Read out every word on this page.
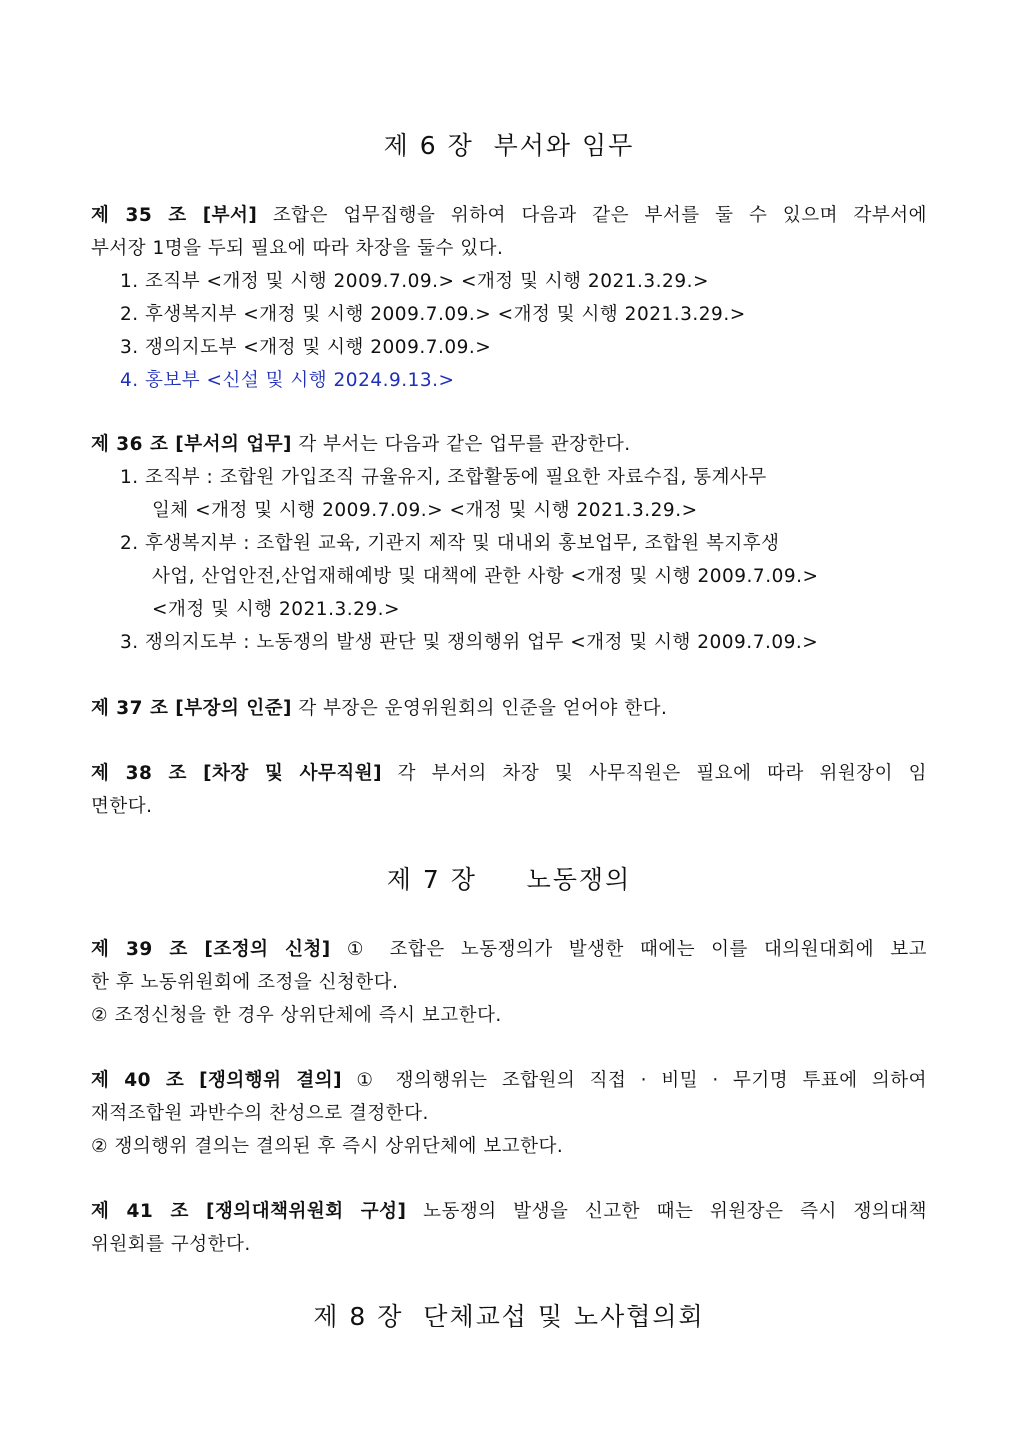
제 6 장  부서와 임무
제 35 조 [부서] 조합은 업무집행을 위하여 다음과 같은 부서를 둘 수 있으며 각부서에
부서장 1명을 두되 필요에 따라 차장을 둘수 있다.
1. 조직부 <개정 및 시행 2009.7.09.> <개정 및 시행 2021.3.29.>
2. 후생복지부 <개정 및 시행 2009.7.09.> <개정 및 시행 2021.3.29.>
3. 쟁의지도부 <개정 및 시행 2009.7.09.>
4. 홍보부 <신설 및 시행 2024.9.13.>
제 36 조 [부서의 업무] 각 부서는 다음과 같은 업무를 관장한다.
1. 조직부 : 조합원 가입조직 규율유지, 조합활동에 필요한 자료수집, 통계사무
일체 <개정 및 시행 2009.7.09.> <개정 및 시행 2021.3.29.>
2. 후생복지부 : 조합원 교육, 기관지 제작 및 대내외 홍보업무, 조합원 복지후생
사업, 산업안전,산업재해예방 및 대책에 관한 사항 <개정 및 시행 2009.7.09.>
<개정 및 시행 2021.3.29.>
3. 쟁의지도부 : 노동쟁의 발생 판단 및 쟁의행위 업무 <개정 및 시행 2009.7.09.>
제 37 조 [부장의 인준] 각 부장은 운영위원회의 인준을 얻어야 한다.
제 38 조 [차장 및 사무직원] 각 부서의 차장 및 사무직원은 필요에 따라 위원장이 임
면한다.
제 7 장     노동쟁의
제 39 조 [조정의 신청] ① 조합은 노동쟁의가 발생한 때에는 이를 대의원대회에 보고
한 후 노동위원회에 조정을 신청한다.
② 조정신청을 한 경우 상위단체에 즉시 보고한다.
제 40 조 [쟁의행위 결의] ① 쟁의행위는 조합원의 직접 · 비밀 · 무기명 투표에 의하여
재적조합원 과반수의 찬성으로 결정한다.
② 쟁의행위 결의는 결의된 후 즉시 상위단체에 보고한다.
제 41 조 [쟁의대책위원회 구성] 노동쟁의 발생을 신고한 때는 위원장은 즉시 쟁의대책
위원회를 구성한다.
제 8 장  단체교섭 및 노사협의회
